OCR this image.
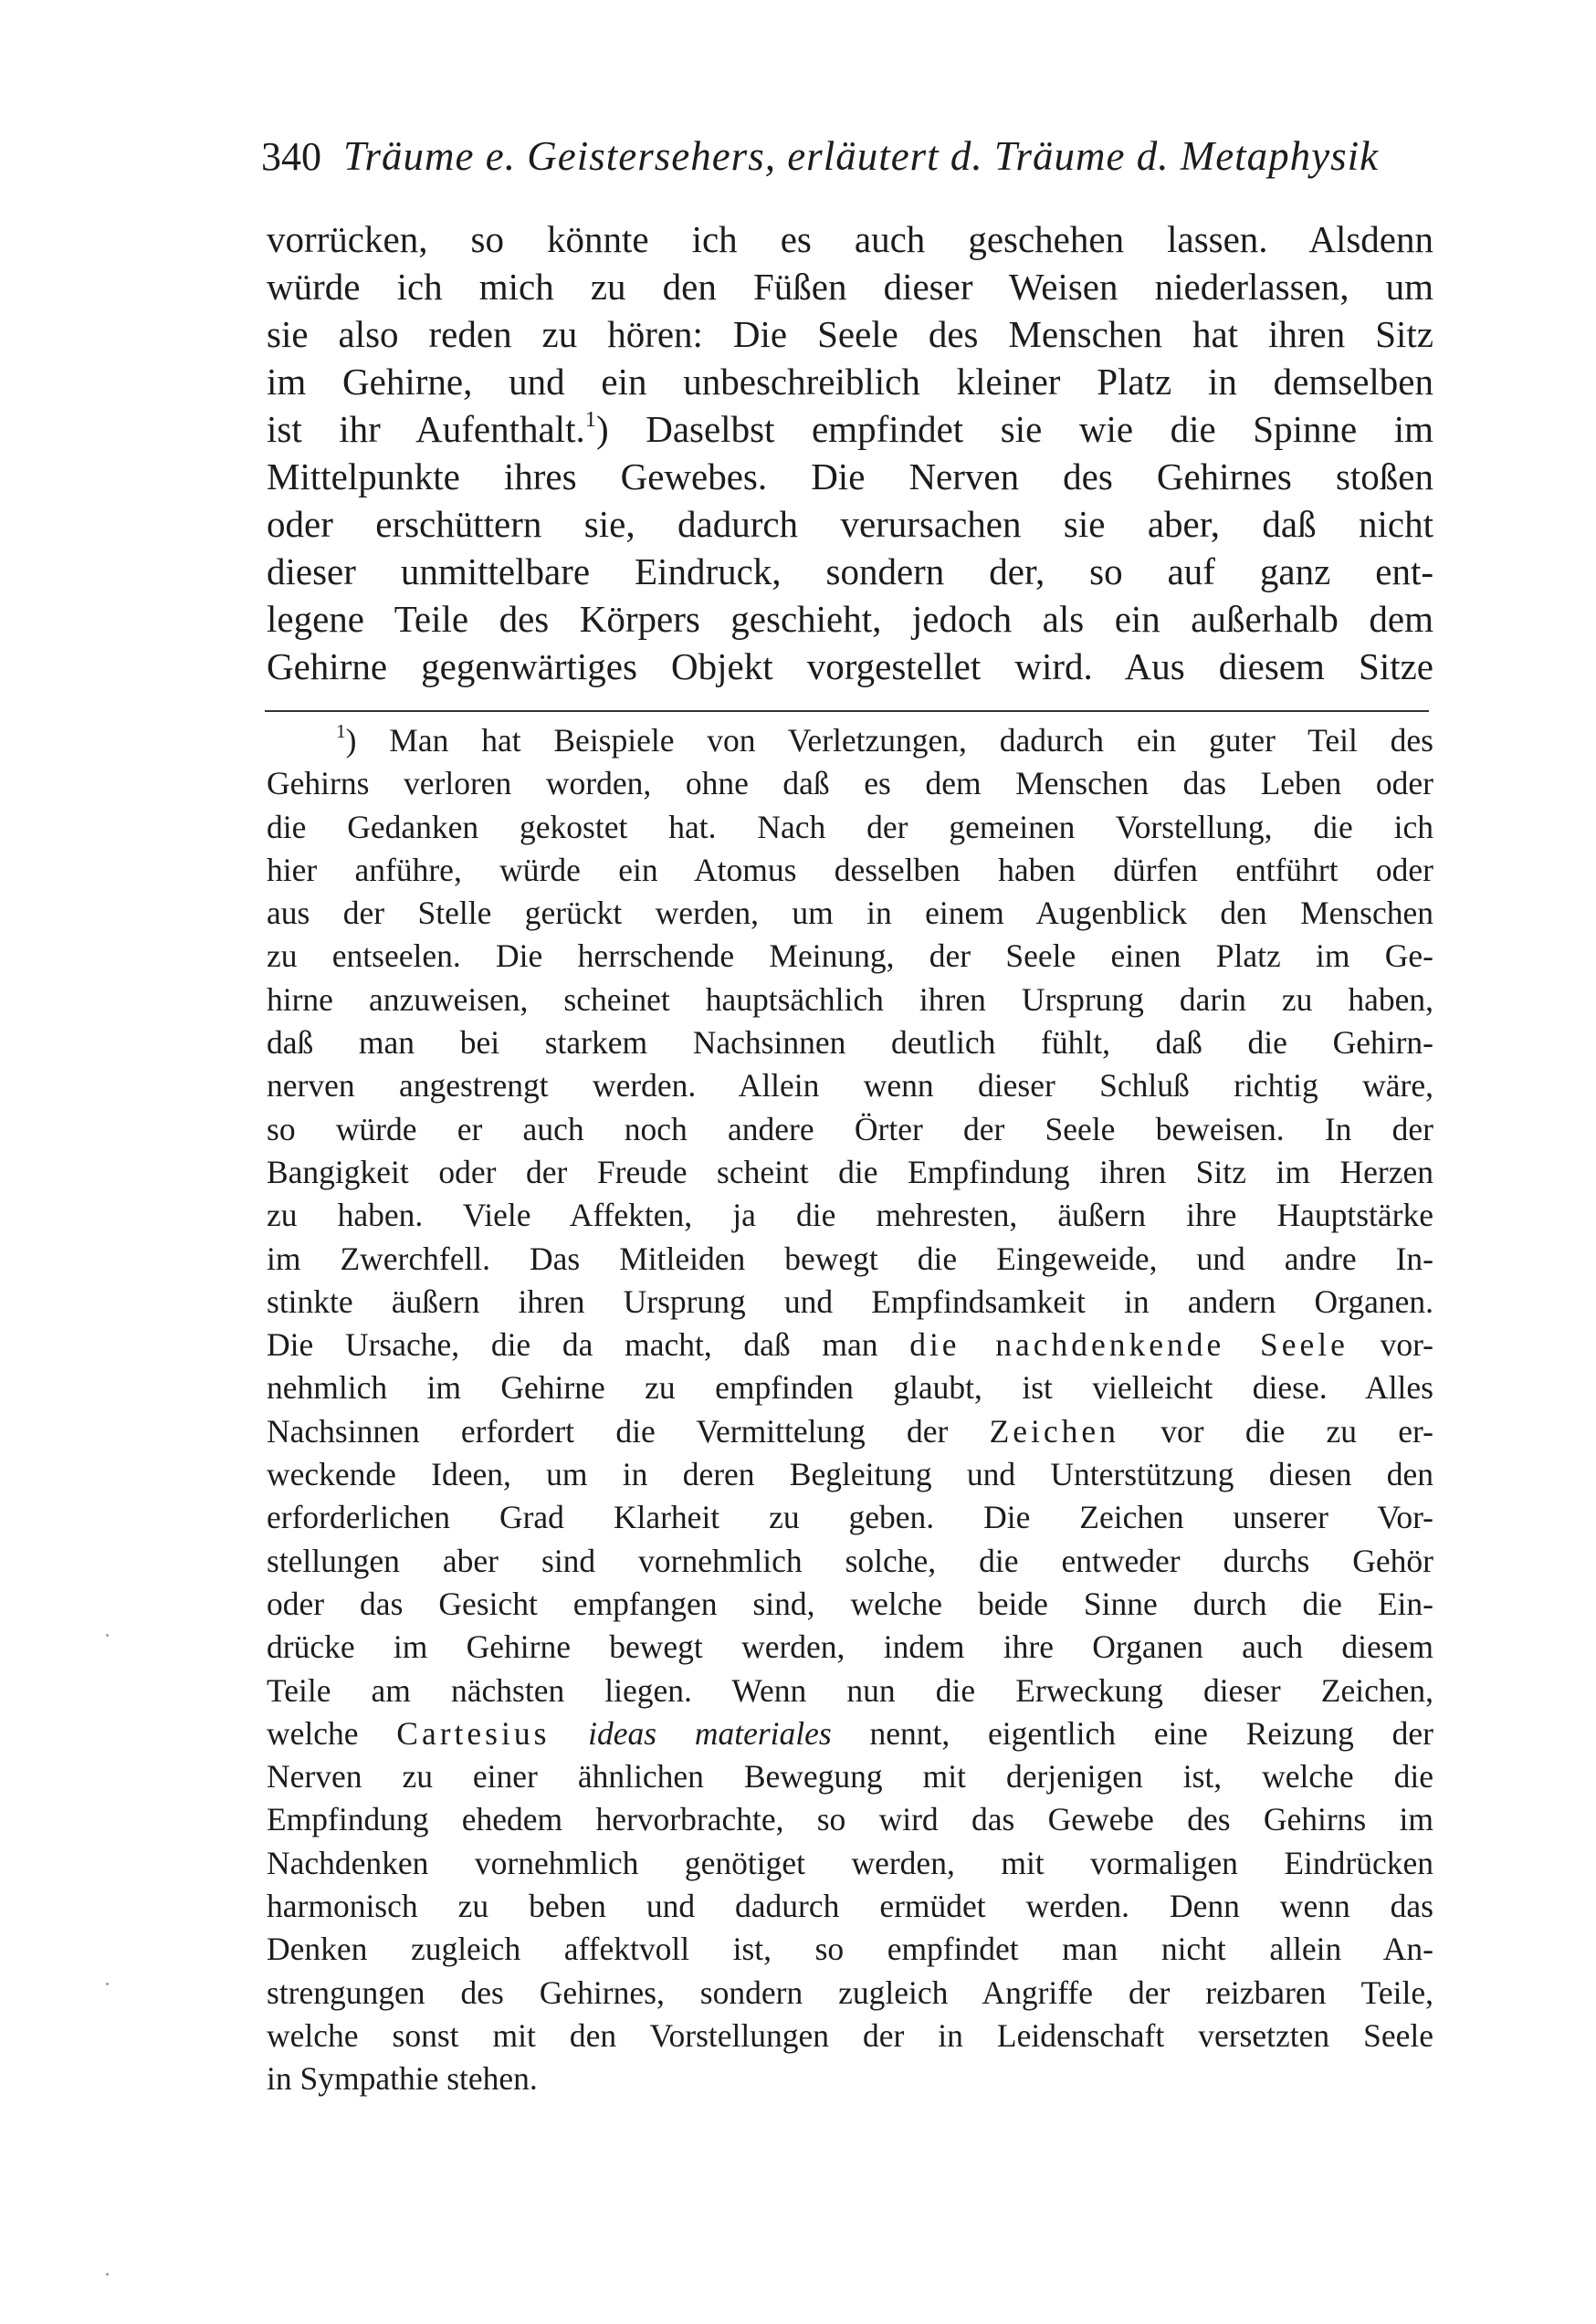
340 Träume e. Geistersehers, erläutert d. Träume d. Metaphysik
vorrücken, so könnte ich es auch geschehen lassen. Alsdenn
würde ich mich zu den Füßen dieser Weisen niederlassen, um
sie also reden zu hören: Die Seele des Menschen hat ihren Sitz
im Gehirne, und ein unbeschreiblich kleiner Platz in demselben
ist ihr Aufenthalt.$^1$) Daselbst empfindet sie wie die Spinne im
Mittelpunkte ihres Gewebes. Die Nerven des Gehirnes stoßen
oder erschüttern sie, dadurch verursachen sie aber, daß nicht
dieser unmittelbare Eindruck, sondern der, so auf ganz ent-
legene Teile des Körpers geschieht, jedoch als ein außerhalb dem
Gehirne gegenwärtiges Objekt vorgestellet wird. Aus diesem Sitze
$^1$) Man hat Beispiele von Verletzungen, dadurch ein guter Teil des
Gehirns verloren worden, ohne daß es dem Menschen das Leben oder
die Gedanken gekostet hat. Nach der gemeinen Vorstellung, die ich
hier anführe, würde ein Atomus desselben haben dürfen entführt oder
aus der Stelle gerückt werden, um in einem Augenblick den Menschen
zu entseelen. Die herrschende Meinung, der Seele einen Platz im Ge-
hirne anzuweisen, scheinet hauptsächlich ihren Ursprung darin zu haben,
daß man bei starkem Nachsinnen deutlich fühlt, daß die Gehirn-
nerven angestrengt werden. Allein wenn dieser Schluß richtig wäre,
so würde er auch noch andere Örter der Seele beweisen. In der
Bangigkeit oder der Freude scheint die Empfindung ihren Sitz im Herzen
zu haben. Viele Affekten, ja die mehresten, äußern ihre Hauptstärke
im Zwerchfell. Das Mitleiden bewegt die Eingeweide, und andre In-
stinkte äußern ihren Ursprung und Empfindsamkeit in andern Organen.
Die Ursache, die da macht, daß man die nachdenkende Seele vor-
nehmlich im Gehirne zu empfinden glaubt, ist vielleicht diese. Alles
Nachsinnen erfordert die Vermittelung der Zeichen vor die zu er-
weckende Ideen, um in deren Begleitung und Unterstützung diesen den
erforderlichen Grad Klarheit zu geben. Die Zeichen unserer Vor-
stellungen aber sind vornehmlich solche, die entweder durchs Gehör
oder das Gesicht empfangen sind, welche beide Sinne durch die Ein-
drücke im Gehirne bewegt werden, indem ihre Organen auch diesem
Teile am nächsten liegen. Wenn nun die Erweckung dieser Zeichen,
welche Cartesius ideas materiales nennt, eigentlich eine Reizung der
Nerven zu einer ähnlichen Bewegung mit derjenigen ist, welche die
Empfindung ehedem hervorbrachte, so wird das Gewebe des Gehirns im
Nachdenken vornehmlich genötiget werden, mit vormaligen Eindrücken
harmonisch zu beben und dadurch ermüdet werden. Denn wenn das
Denken zugleich affektvoll ist, so empfindet man nicht allein An-
strengungen des Gehirnes, sondern zugleich Angriffe der reizbaren Teile,
welche sonst mit den Vorstellungen der in Leidenschaft versetzten Seele
in Sympathie stehen.
